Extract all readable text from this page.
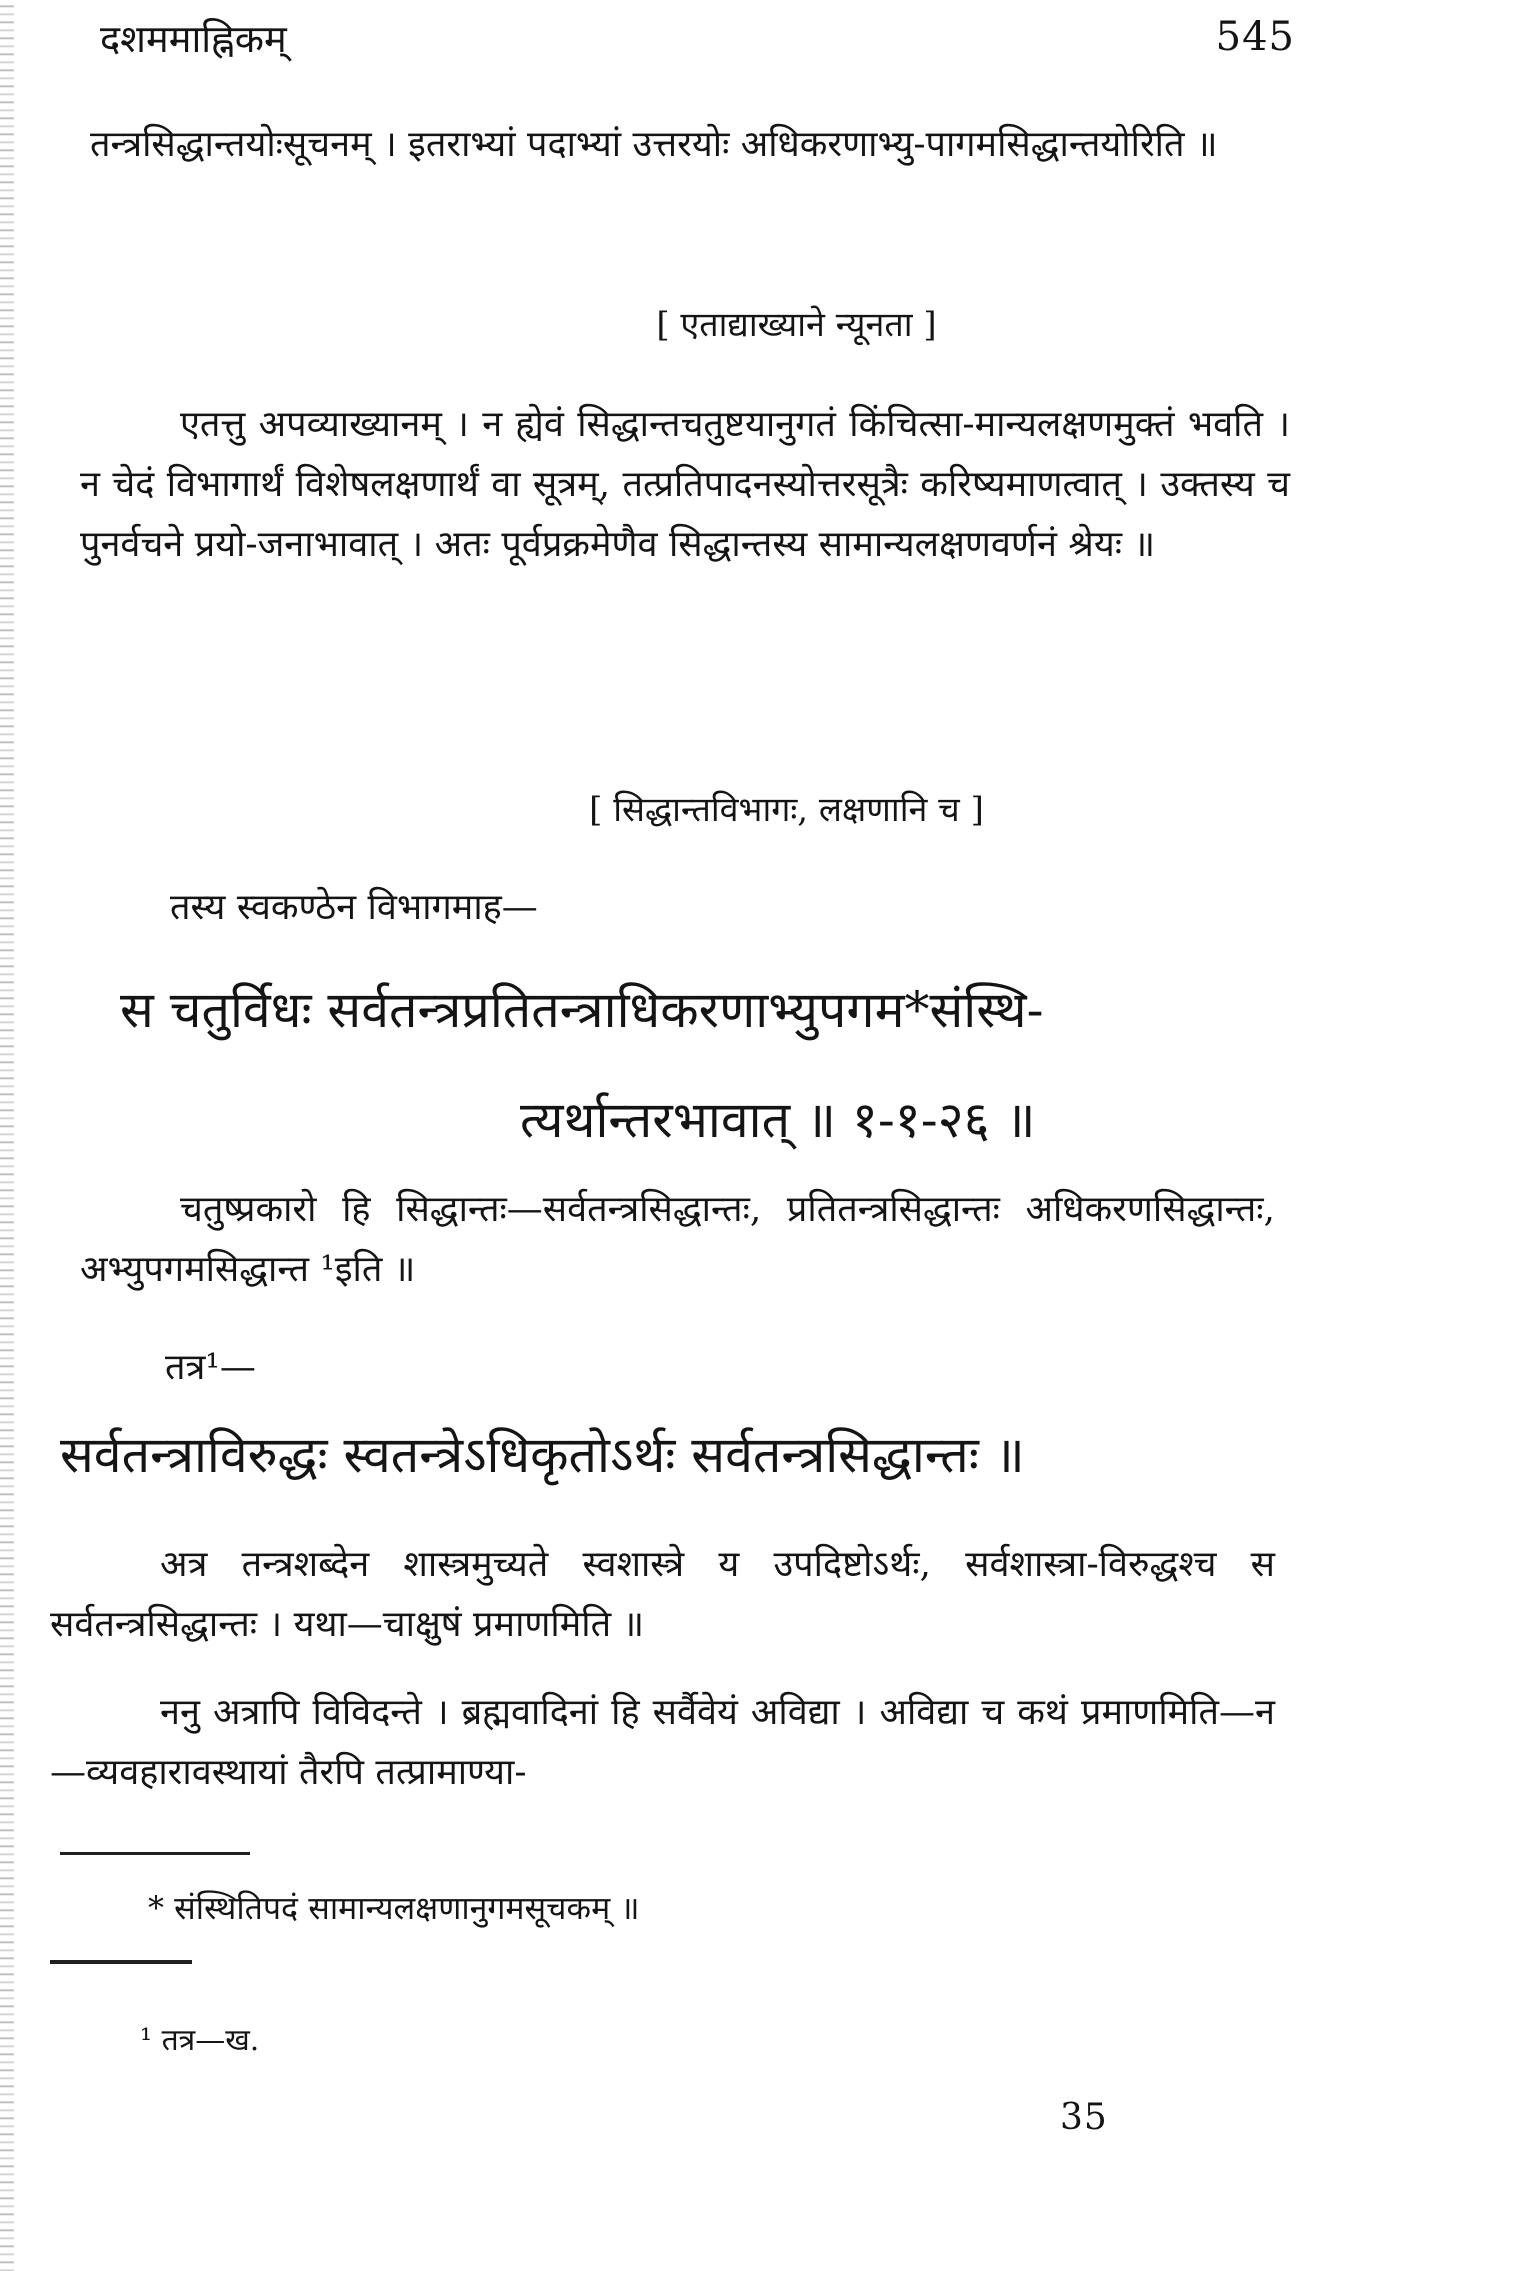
दशममाह्निकम्	545

तन्त्रसिद्धान्तयोःसूचनम् । इतराभ्यां पदाभ्यां उत्तरयोः अधिकरणाभ्यु-पागमसिद्धान्तयोरिति ॥

[ एताद्याख्याने न्यूनता ]

एतत्तु अपव्याख्यानम् । न ह्येवं सिद्धान्तचतुष्टयानुगतं किंचित्सा-मान्यलक्षणमुक्तं भवति । न चेदं विभागार्थं विशेषलक्षणार्थं वा सूत्रम्, तत्प्रतिपादनस्योत्तरसूत्रैः करिष्यमाणत्वात् । उक्तस्य च पुनर्वचने प्रयो-जनाभावात् । अतः पूर्वप्रक्रमेणैव सिद्धान्तस्य सामान्यलक्षणवर्णनं श्रेयः ॥

[ सिद्धान्तविभागः, लक्षणानि च ]
तस्य स्वकण्ठेन विभागमाह—
स चतुर्विधः सर्वतन्त्रप्रतितन्त्राधिकरणाभ्युपगम*संस्थि-
त्यर्थान्तरभावात् ॥ १-१-२६ ॥

चतुष्प्रकारो हि सिद्धान्तः—सर्वतन्त्रसिद्धान्तः, प्रतितन्त्रसिद्धान्तः अधिकरणसिद्धान्तः, अभ्युपगमसिद्धान्त ¹इति ॥

तत्र¹—
सर्वतन्त्राविरुद्धः स्वतन्त्रेऽधिकृतोऽर्थः सर्वतन्त्रसिद्धान्तः ॥

अत्र तन्त्रशब्देन शास्त्रमुच्यते स्वशास्त्रे य उपदिष्टोऽर्थः, सर्वशास्त्रा-विरुद्धश्च स सर्वतन्त्रसिद्धान्तः । यथा—चाक्षुषं प्रमाणमिति ॥

ननु अत्रापि विविदन्ते । ब्रह्मवादिनां हि सर्वैवेयं अविद्या । अविद्या च कथं प्रमाणमिति—न—व्यवहारावस्थायां तैरपि तत्प्रामाण्या-

* संस्थितिपदं सामान्यलक्षणानुगमसूचकम् ॥
¹ तत्र—ख.
35
